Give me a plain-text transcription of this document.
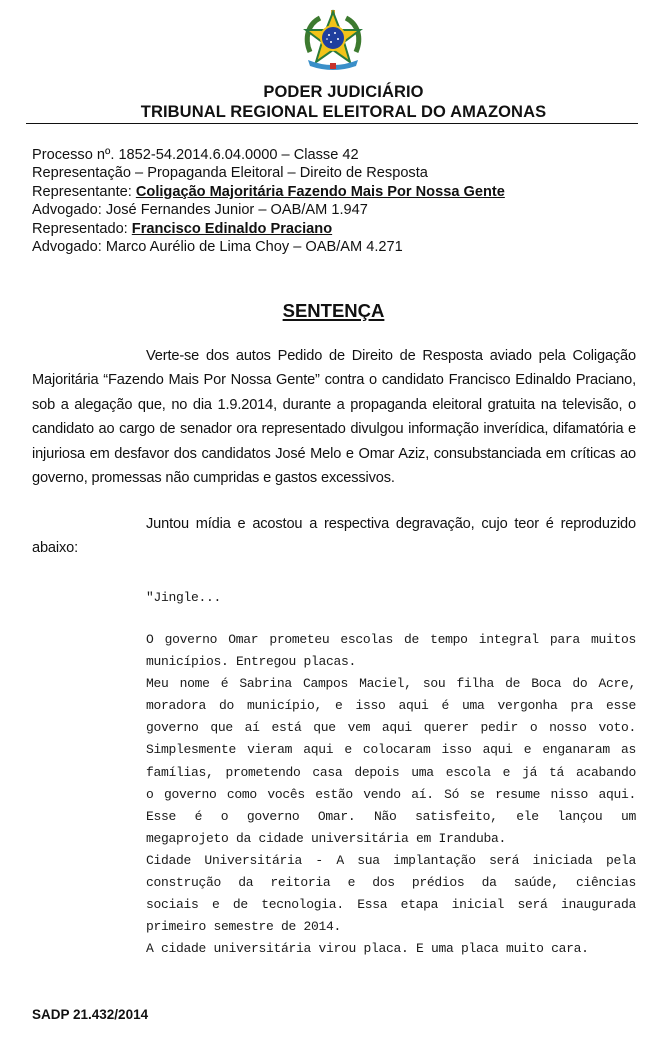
PODER JUDICIÁRIO
TRIBUNAL REGIONAL ELEITORAL DO AMAZONAS
Processo nº. 1852-54.2014.6.04.0000 – Classe 42
Representação – Propaganda Eleitoral – Direito de Resposta
Representante: Coligação Majoritária Fazendo Mais Por Nossa Gente
Advogado: José Fernandes Junior – OAB/AM 1.947
Representado: Francisco Edinaldo Praciano
Advogado: Marco Aurélio de Lima Choy – OAB/AM 4.271
SENTENÇA
Verte-se dos autos Pedido de Direito de Resposta aviado pela Coligação Majoritária “Fazendo Mais Por Nossa Gente” contra o candidato Francisco Edinaldo Praciano, sob a alegação que, no dia 1.9.2014, durante a propaganda eleitoral gratuita na televisão, o candidato ao cargo de senador ora representado divulgou informação inverídica, difamatória e injuriosa em desfavor dos candidatos José Melo e Omar Aziz, consubstanciada em críticas ao governo, promessas não cumpridas e gastos excessivos.
Juntou mídia e acostou a respectiva degravação, cujo teor é reproduzido abaixo:
"Jingle...
O governo Omar prometeu escolas de tempo integral para muitos
municípios. Entregou placas.
Meu nome é Sabrina Campos Maciel, sou filha de Boca do Acre,
moradora do município, e isso aqui é uma vergonha pra esse
governo que aí está que vem aqui querer pedir o nosso voto.
Simplesmente vieram aqui e colocaram isso aqui e enganaram as
famílias, prometendo casa depois uma escola e já tá acabando
o governo como vocês estão vendo aí. Só se resume nisso aqui.
Esse é o governo Omar. Não satisfeito, ele lançou um
megaprojeto da cidade universitária em Iranduba.
Cidade Universitária - A sua implantação será iniciada pela
construção da reitoria e dos prédios da saúde, ciências
sociais e de tecnologia. Essa etapa inicial será inaugurada
primeiro semestre de 2014.
A cidade universitária virou placa. E uma placa muito cara.
SADP 21.432/2014
